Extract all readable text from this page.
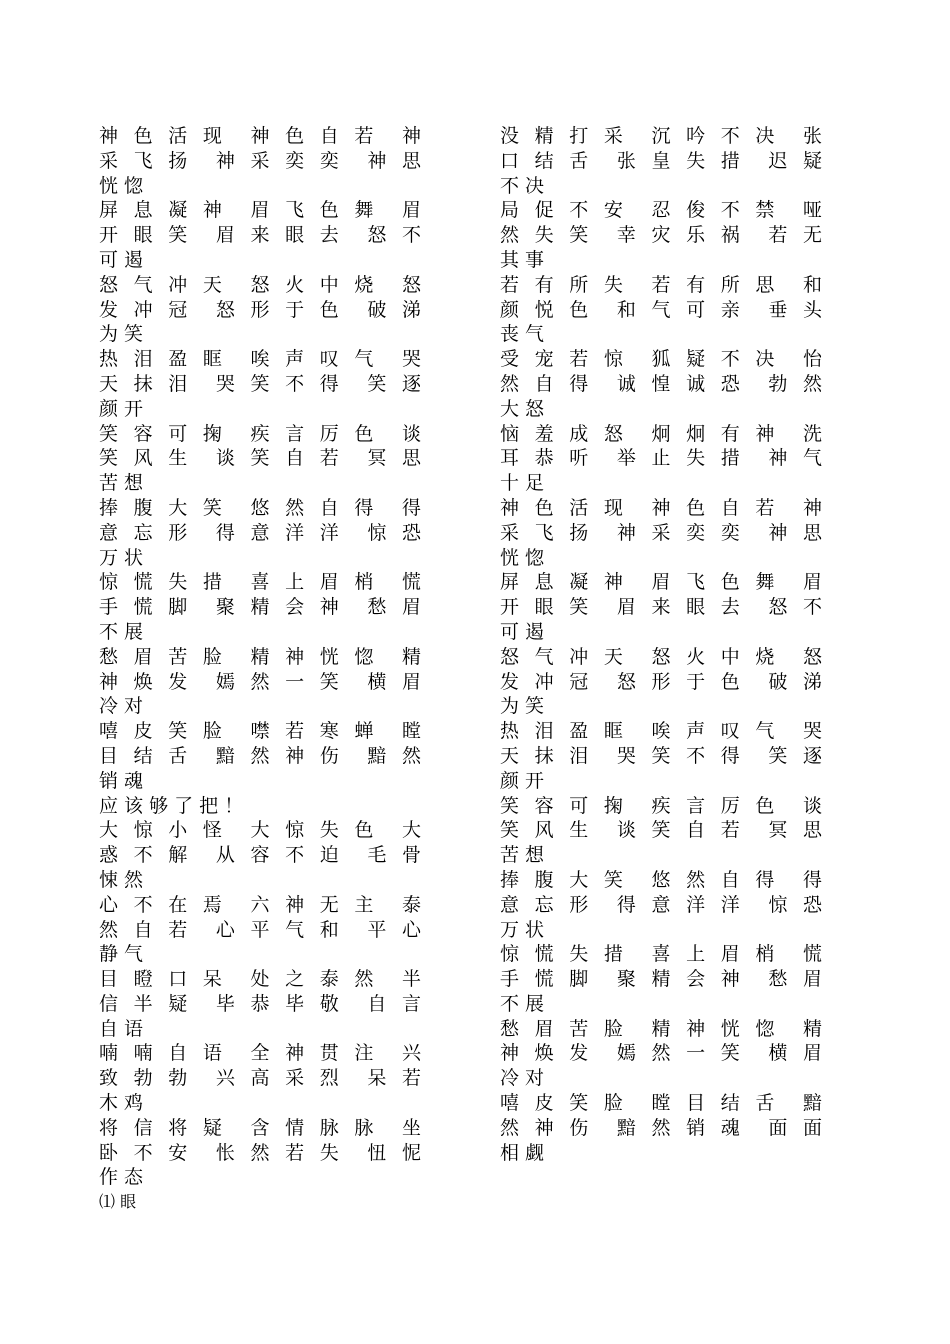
神 色 活 现　神 色 自 若　神
采 飞 扬　神 采 奕 奕　神 思
恍 惚
屏 息 凝 神　眉 飞 色 舞　眉
开 眼 笑　眉 来 眼 去　怒 不
可 遏
怒 气 冲 天　怒 火 中 烧　怒
发 冲 冠　怒 形 于 色　破 涕
为 笑
热 泪 盈 眶　唉 声 叹 气　哭
天 抹 泪　哭 笑 不 得　笑 逐
颜 开
笑 容 可 掬　疾 言 厉 色　谈
笑 风 生　谈 笑 自 若　冥 思
苦 想
捧 腹 大 笑　悠 然 自 得　得
意 忘 形　得 意 洋 洋　惊 恐
万 状
惊 慌 失 措　喜 上 眉 梢　慌
手 慌 脚　聚 精 会 神　愁 眉
不 展
愁 眉 苦 脸　精 神 恍 惚　精
神 焕 发　嫣 然 一 笑　横 眉
冷 对
嘻 皮 笑 脸　噤 若 寒 蝉　瞠
目 结 舌　黯 然 神 伤　黯 然
销 魂
应 该 够 了 把 ！
大 惊 小 怪　大 惊 失 色　大
惑 不 解　从 容 不 迫　毛 骨
悚 然
心 不 在 焉　六 神 无 主　泰
然 自 若　心 平 气 和　平 心
静 气
目 瞪 口 呆　处 之 泰 然　半
信 半 疑　毕 恭 毕 敬　自 言
自 语
喃 喃 自 语　全 神 贯 注　兴
致 勃 勃　兴 高 采 烈　呆 若
木 鸡
将 信 将 疑　含 情 脉 脉　坐
卧 不 安　怅 然 若 失　忸 怩
作 态
⑴ 眼
没 精 打 采　沉 吟 不 决　张
口 结 舌　张 皇 失 措　迟 疑
不 决
局 促 不 安　忍 俊 不 禁　哑
然 失 笑　幸 灾 乐 祸　若 无
其 事
若 有 所 失　若 有 所 思　和
颜 悦 色　和 气 可 亲　垂 头
丧 气
受 宠 若 惊　狐 疑 不 决　怡
然 自 得　诚 惶 诚 恐　勃 然
大 怒
恼 羞 成 怒　炯 炯 有 神　洗
耳 恭 听　举 止 失 措　神 气
十 足
神 色 活 现　神 色 自 若　神
采 飞 扬　神 采 奕 奕　神 思
恍 惚
屏 息 凝 神　眉 飞 色 舞　眉
开 眼 笑　眉 来 眼 去　怒 不
可 遏
怒 气 冲 天　怒 火 中 烧　怒
发 冲 冠　怒 形 于 色　破 涕
为 笑
热 泪 盈 眶　唉 声 叹 气　哭
天 抹 泪　哭 笑 不 得　笑 逐
颜 开
笑 容 可 掬　疾 言 厉 色　谈
笑 风 生　谈 笑 自 若　冥 思
苦 想
捧 腹 大 笑　悠 然 自 得　得
意 忘 形　得 意 洋 洋　惊 恐
万 状
惊 慌 失 措　喜 上 眉 梢　慌
手 慌 脚　聚 精 会 神　愁 眉
不 展
愁 眉 苦 脸　精 神 恍 惚　精
神 焕 发　嫣 然 一 笑　横 眉
冷 对
嘻 皮 笑 脸　瞠 目 结 舌　黯
然 神 伤　黯 然 销 魂　面 面
相 觑
